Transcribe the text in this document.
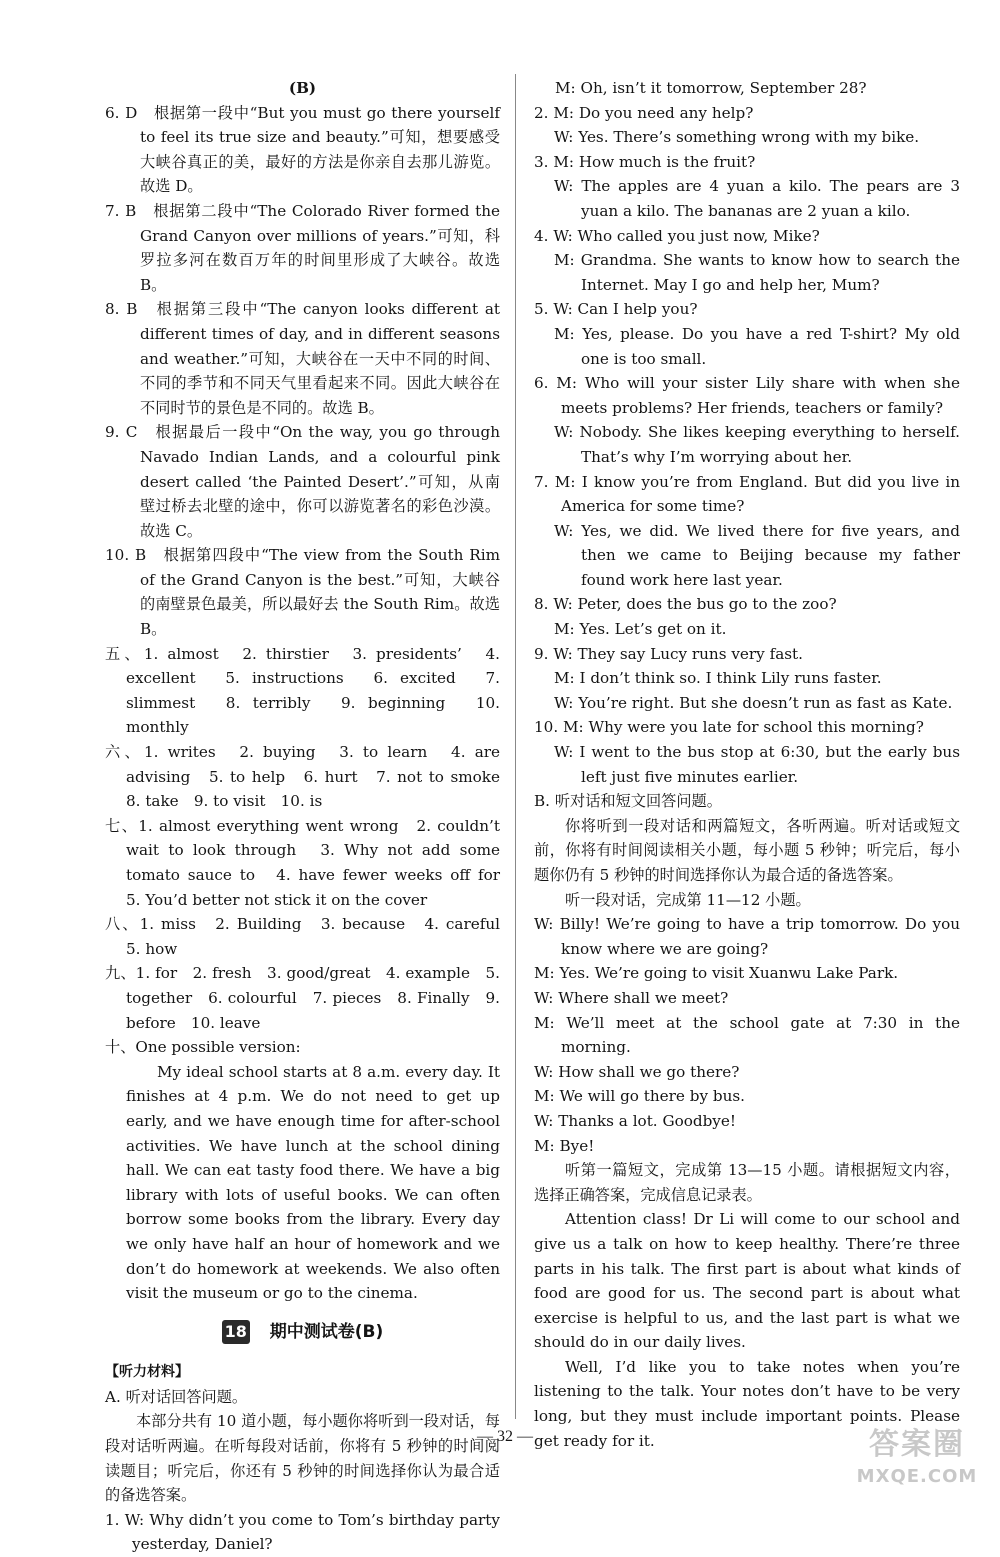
(B)

6. D　根据第一段中“But you must go there yourself to feel its true size and beauty.”可知，想要感受大峡谷真正的美，最好的方法是你亲自去那儿游览。故选 D。

7. B　根据第二段中“The Colorado River formed the Grand Canyon over millions of years.”可知，科罗拉多河在数百万年的时间里形成了大峡谷。故选 B。

8. B　根据第三段中“The canyon looks different at different times of day, and in different seasons and weather.”可知，大峡谷在一天中不同的时间、不同的季节和不同天气里看起来不同。因此大峡谷在不同时节的景色是不同的。故选 B。

9. C　根据最后一段中“On the way, you go through Navado Indian Lands, and a colourful pink desert called ‘the Painted Desert’.”可知，从南壁过桥去北壁的途中，你可以游览著名的彩色沙漠。故选 C。

10. B　根据第四段中“The view from the South Rim of the Grand Canyon is the best.”可知，大峡谷的南壁景色最美，所以最好去 the South Rim。故选 B。

五、1. almost　2. thirstier　3. presidents’　4. excellent　5. instructions　6. excited　7. slimmest　8. terribly　9. beginning　10. monthly

六、1. writes　2. buying　3. to learn　4. are advising　5. to help　6. hurt　7. not to smoke　8. take　9. to visit　10. is

七、1. almost everything went wrong　2. couldn’t wait to look through　3. Why not add some tomato sauce to　4. have fewer weeks off for　5. You’d better not stick it on the cover

八、1. miss　2. Building　3. because　4. careful　5. how

九、1. for　2. fresh　3. good/great　4. example　5. together　6. colourful　7. pieces　8. Finally　9. before　10. leave

十、One possible version:

My ideal school starts at 8 a.m. every day. It finishes at 4 p.m. We do not need to get up early, and we have enough time for after-school activities. We have lunch at the school dining hall. We can eat tasty food there. We have a big library with lots of useful books. We can often borrow some books from the library. Every day we only have half an hour of homework and we don’t do homework at weekends. We also often visit the museum or go to the cinema.

18 期中测试卷(B)

【听力材料】

A. 听对话回答问题。

本部分共有 10 道小题，每小题你将听到一段对话，每段对话听两遍。在听每段对话前，你将有 5 秒钟的时间阅读题目；听完后，你还有 5 秒钟的时间选择你认为最合适的备选答案。

1. W: Why didn’t you come to Tom’s birthday party yesterday, Daniel?

M: Oh, isn’t it tomorrow, September 28?

2. M: Do you need any help?

W: Yes. There’s something wrong with my bike.

3. M: How much is the fruit?

W: The apples are 4 yuan a kilo. The pears are 3 yuan a kilo. The bananas are 2 yuan a kilo.

4. W: Who called you just now, Mike?

M: Grandma. She wants to know how to search the Internet. May I go and help her, Mum?

5. W: Can I help you?

M: Yes, please. Do you have a red T-shirt? My old one is too small.

6. M: Who will your sister Lily share with when she meets problems? Her friends, teachers or family?

W: Nobody. She likes keeping everything to herself. That’s why I’m worrying about her.

7. M: I know you’re from England. But did you live in America for some time?

W: Yes, we did. We lived there for five years, and then we came to Beijing because my father found work here last year.

8. W: Peter, does the bus go to the zoo?

M: Yes. Let’s get on it.

9. W: They say Lucy runs very fast.

M: I don’t think so. I think Lily runs faster.

W: You’re right. But she doesn’t run as fast as Kate.

10. M: Why were you late for school this morning?

W: I went to the bus stop at 6:30, but the early bus left just five minutes earlier.

B. 听对话和短文回答问题。

你将听到一段对话和两篇短文，各听两遍。听对话或短文前，你将有时间阅读相关小题，每小题 5 秒钟；听完后，每小题你仍有 5 秒钟的时间选择你认为最合适的备选答案。

听一段对话，完成第 11—12 小题。

W: Billy! We’re going to have a trip tomorrow. Do you know where we are going?

M: Yes. We’re going to visit Xuanwu Lake Park.

W: Where shall we meet?

M: We’ll meet at the school gate at 7:30 in the morning.

W: How shall we go there?

M: We will go there by bus.

W: Thanks a lot. Goodbye!

M: Bye!

听第一篇短文，完成第 13—15 小题。请根据短文内容，选择正确答案，完成信息记录表。

Attention class! Dr Li will come to our school and give us a talk on how to keep healthy. There’re three parts in his talk. The first part is about what kinds of food are good for us. The second part is about what exercise is helpful to us, and the last part is what we should do in our daily lives.

Well, I’d like you to take notes when you’re listening to the talk. Your notes don’t have to be very long, but they must include important points. Please get ready for it.

— 32 —	答案圈
MXQE.COM
